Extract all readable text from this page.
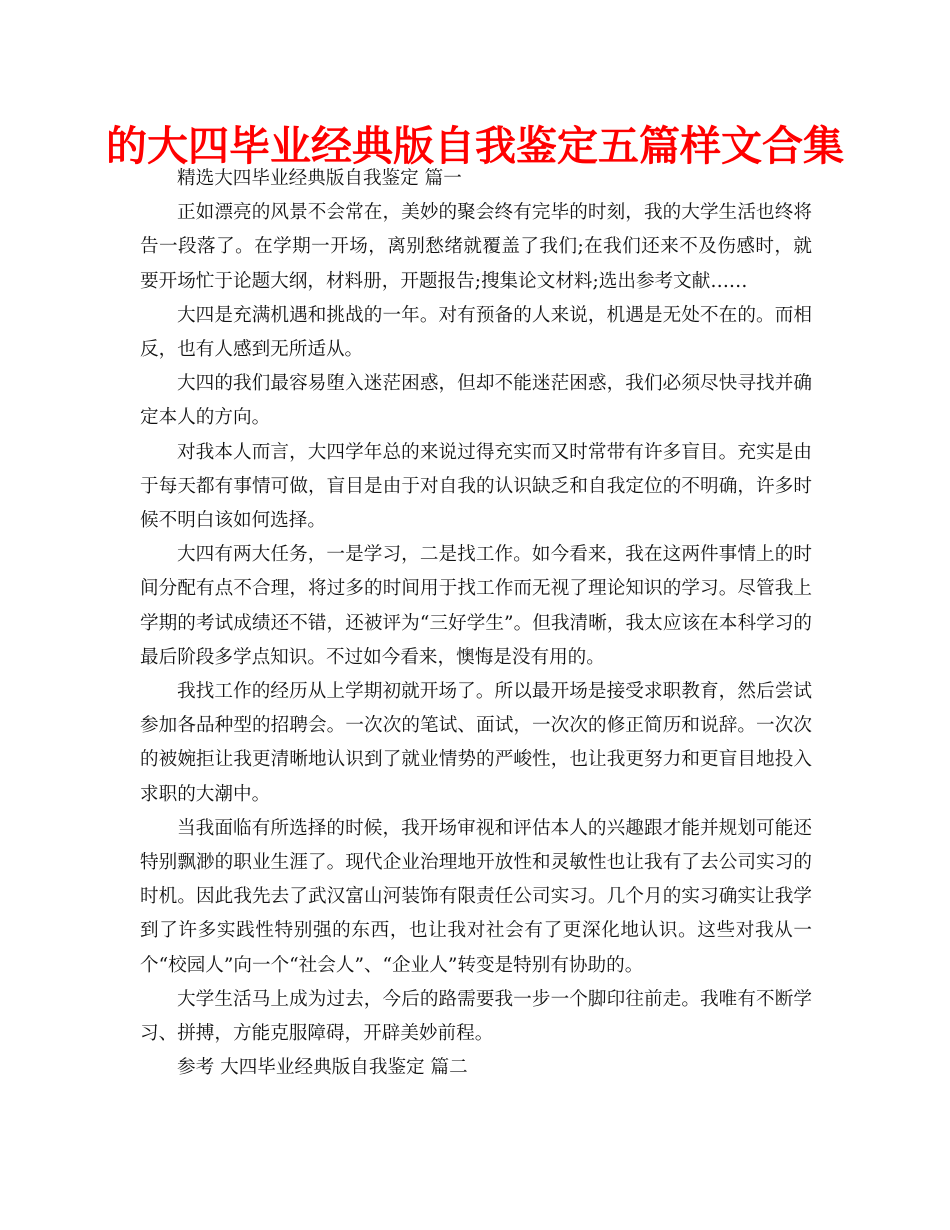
的大四毕业经典版自我鉴定五篇样文合集

精选大四毕业经典版自我鉴定 篇一

正如漂亮的风景不会常在，美妙的聚会终有完毕的时刻，我的大学生活也终将告一段落了。在学期一开场，离别愁绪就覆盖了我们;在我们还来不及伤感时，就要开场忙于论题大纲，材料册，开题报告;搜集论文材料;选出参考文献……

大四是充满机遇和挑战的一年。对有预备的人来说，机遇是无处不在的。而相反，也有人感到无所适从。

大四的我们最容易堕入迷茫困惑，但却不能迷茫困惑，我们必须尽快寻找并确定本人的方向。

对我本人而言，大四学年总的来说过得充实而又时常带有许多盲目。充实是由于每天都有事情可做，盲目是由于对自我的认识缺乏和自我定位的不明确，许多时候不明白该如何选择。

大四有两大任务，一是学习，二是找工作。如今看来，我在这两件事情上的时间分配有点不合理，将过多的时间用于找工作而无视了理论知识的学习。尽管我上学期的考试成绩还不错，还被评为“三好学生”。但我清晰，我太应该在本科学习的最后阶段多学点知识。不过如今看来，懊悔是没有用的。

我找工作的经历从上学期初就开场了。所以最开场是接受求职教育，然后尝试参加各品种型的招聘会。一次次的笔试、面试，一次次的修正简历和说辞。一次次的被婉拒让我更清晰地认识到了就业情势的严峻性，也让我更努力和更盲目地投入求职的大潮中。

当我面临有所选择的时候，我开场审视和评估本人的兴趣跟才能并规划可能还特别飘渺的职业生涯了。现代企业治理地开放性和灵敏性也让我有了去公司实习的时机。因此我先去了武汉富山河装饰有限责任公司实习。几个月的实习确实让我学到了许多实践性特别强的东西，也让我对社会有了更深化地认识。这些对我从一个“校园人”向一个“社会人”、“企业人”转变是特别有协助的。

大学生活马上成为过去，今后的路需要我一步一个脚印往前走。我唯有不断学习、拼搏，方能克服障碍，开辟美妙前程。

参考 大四毕业经典版自我鉴定 篇二
